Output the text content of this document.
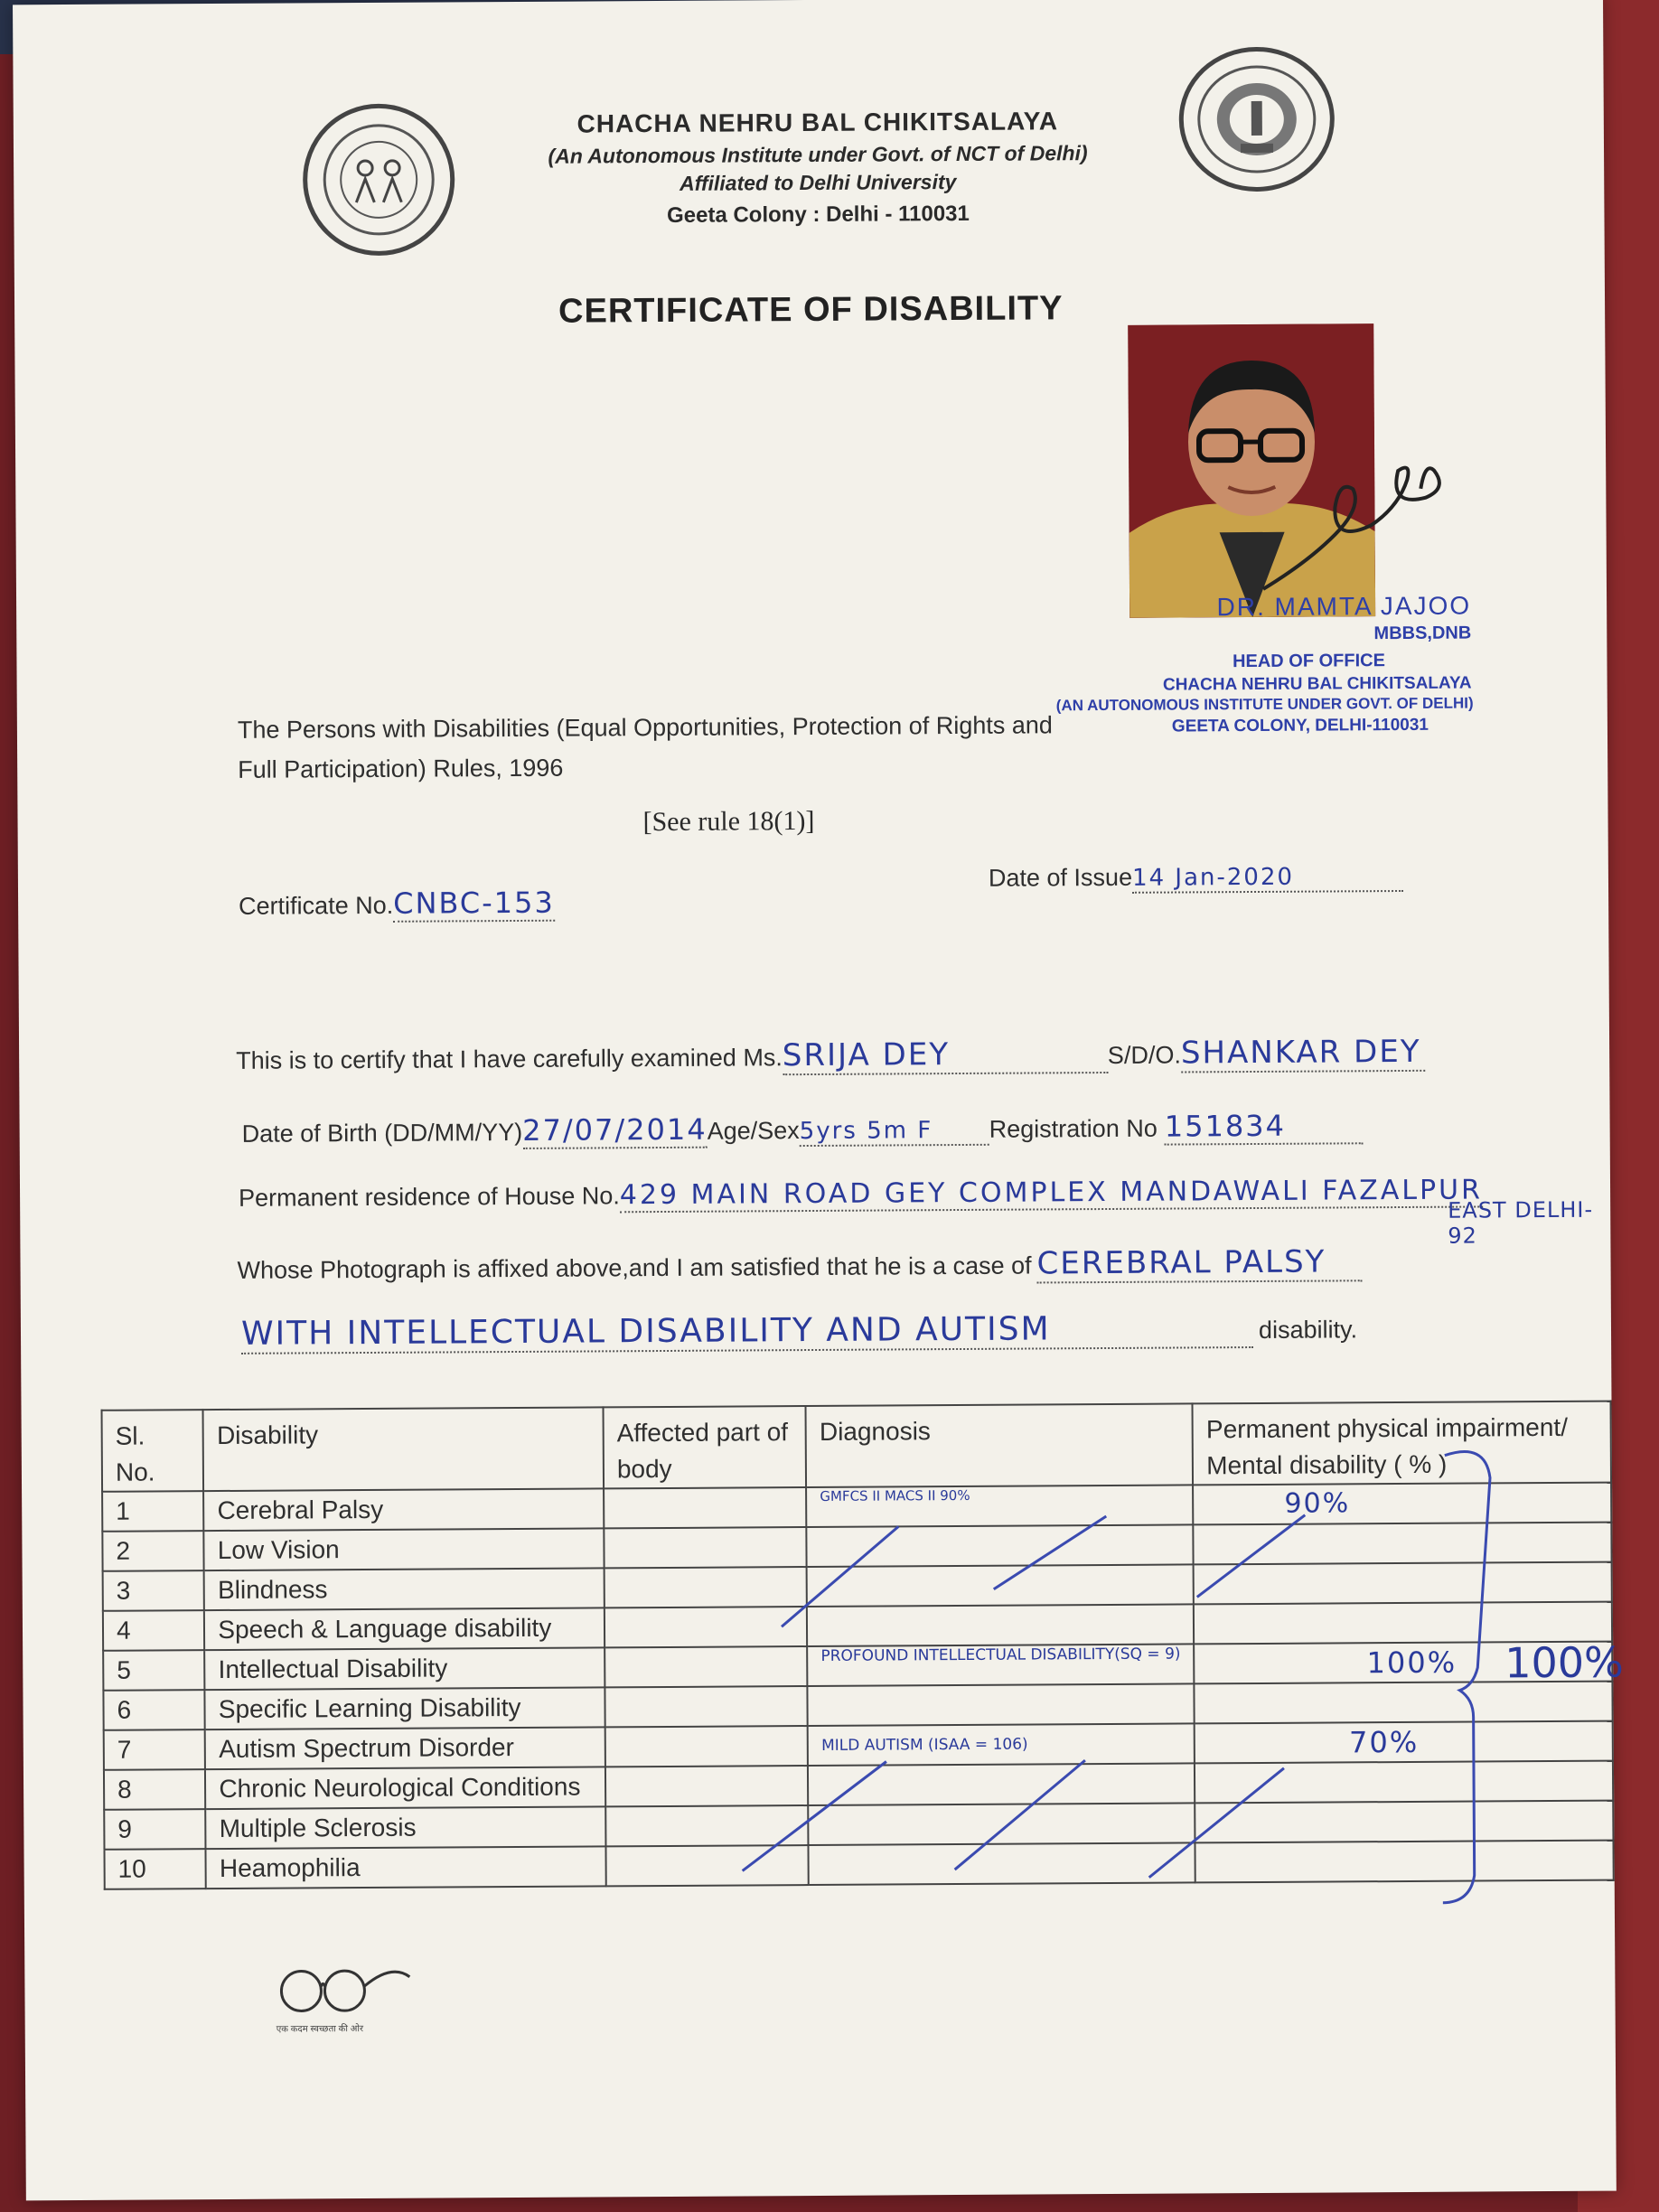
CHACHA NEHRU BAL CHIKITSALAYA
(An Autonomous Institute under Govt. of NCT of Delhi)
Affiliated to Delhi University
Geeta Colony : Delhi - 110031
CERTIFICATE OF DISABILITY
DR. MAMTA JAJOO
MBBS,DNB
HEAD OF OFFICE
CHACHA NEHRU BAL CHIKITSALAYA
(AN AUTONOMOUS INSTITUTE UNDER GOVT. OF DELHI)
GEETA COLONY, DELHI-110031
The Persons with Disabilities (Equal Opportunities, Protection of Rights and Full Participation) Rules, 1996
[See rule 18(1)]
Certificate No.CNBC-153
Date of Issue14 Jan-2020
This is to certify that I have carefully examined Ms.SRIJA DEY	S/D/O.SHANKAR DEY
Date of Birth (DD/MM/YY)27/07/2014Age/Sex5yrs 5m F Registration No 151834
Permanent residence of House No.429 MAIN ROAD GEY COMPLEX MANDAWALI FAZALPUR
EAST DELHI-92
Whose Photograph is affixed above,and I am satisfied that he is a case of CEREBRAL PALSY
WITH INTELLECTUAL DISABILITY AND AUTISM	disability.
Sl. No.	Disability	Affected part of body	Diagnosis	Permanent physical impairment/ Mental disability ( % )
1	Cerebral Palsy		GMFCS II MACS II 90%	90%
2	Low Vision			
3	Blindness			
4	Speech & Language disability			
5	Intellectual Disability		PROFOUND INTELLECTUAL DISABILITY(SQ = 9)	100%
6	Specific Learning Disability			
7	Autism Spectrum Disorder		MILD AUTISM (ISAA = 106)	70%
8	Chronic Neurological Conditions			
9	Multiple Sclerosis			
10	Heamophilia			
100%
एक कदम स्वच्छता की ओर
